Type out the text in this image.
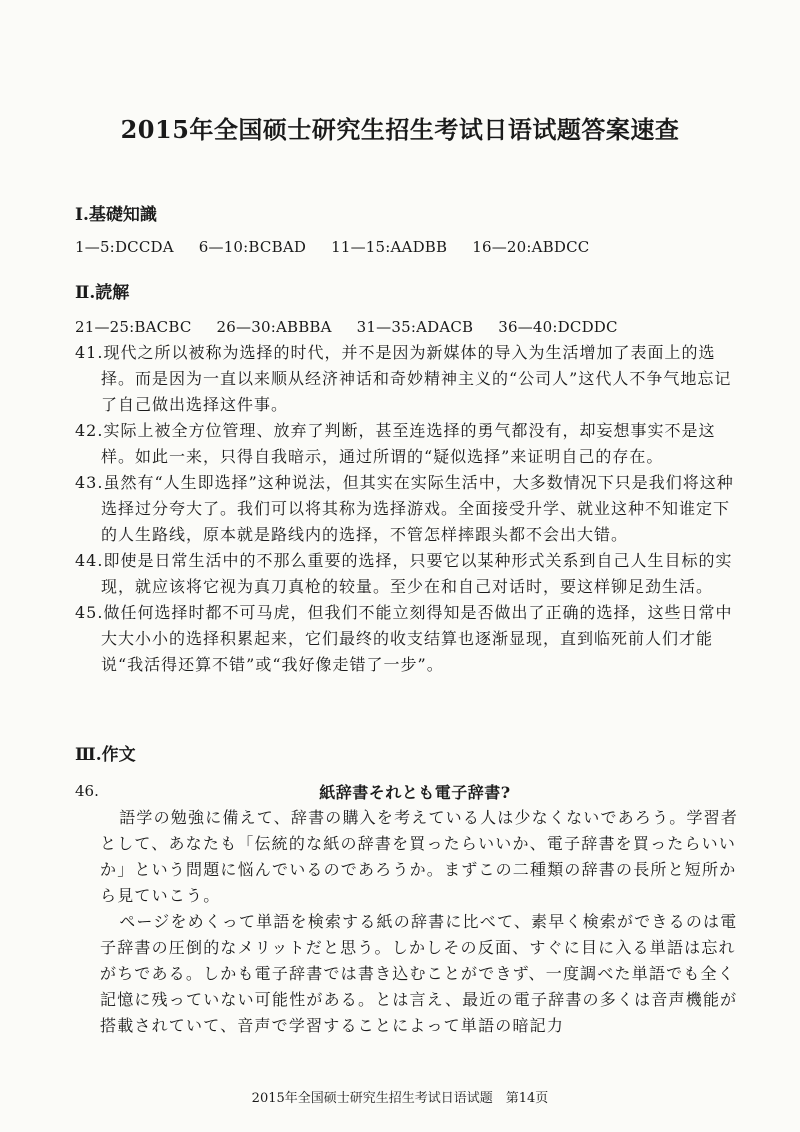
2015年全国硕士研究生招生考试日语试题答案速查
Ⅰ.基礎知識
1—5:DCCDA 6—10:BCBAD 11—15:AADBB 16—20:ABDCC
Ⅱ.読解
21—25:BACBC 26—30:ABBBA 31—35:ADACB 36—40:DCDDC

41.现代之所以被称为选择的时代，并不是因为新媒体的导入为生活增加了表面上的选择。而是因为一直以来顺从经济神话和奇妙精神主义的“公司人”这代人不争气地忘记了自己做出选择这件事。

42.实际上被全方位管理、放弃了判断，甚至连选择的勇气都没有，却妄想事实不是这样。如此一来，只得自我暗示，通过所谓的“疑似选择”来证明自己的存在。

43.虽然有“人生即选择”这种说法，但其实在实际生活中，大多数情况下只是我们将这种选择过分夸大了。我们可以将其称为选择游戏。全面接受升学、就业这种不知谁定下的人生路线，原本就是路线内的选择，不管怎样摔跟头都不会出大错。

44.即使是日常生活中的不那么重要的选择，只要它以某种形式关系到自己人生目标的实现，就应该将它视为真刀真枪的较量。至少在和自己对话时，要这样铆足劲生活。

45.做任何选择时都不可马虎，但我们不能立刻得知是否做出了正确的选择，这些日常中大大小小的选择积累起来，它们最终的收支结算也逐渐显现，直到临死前人们才能说“我活得还算不错”或“我好像走错了一步”。

Ⅲ.作文
46.	紙辞書それとも電子辞書?

語学の勉強に備えて、辞書の購入を考えている人は少なくないであろう。学習者として、あなたも「伝統的な紙の辞書を買ったらいいか、電子辞書を買ったらいいか」という問題に悩んでいるのであろうか。まずこの二種類の辞書の長所と短所から見ていこう。

ページをめくって単語を検索する紙の辞書に比べて、素早く検索ができるのは電子辞書の圧倒的なメリットだと思う。しかしその反面、すぐに目に入る単語は忘れがちである。しかも電子辞書では書き込むことができず、一度調べた単語でも全く記憶に残っていない可能性がある。とは言え、最近の電子辞書の多くは音声機能が搭載されていて、音声で学習することによって単語の暗記力

2015年全国硕士研究生招生考试日语试题　第14页
